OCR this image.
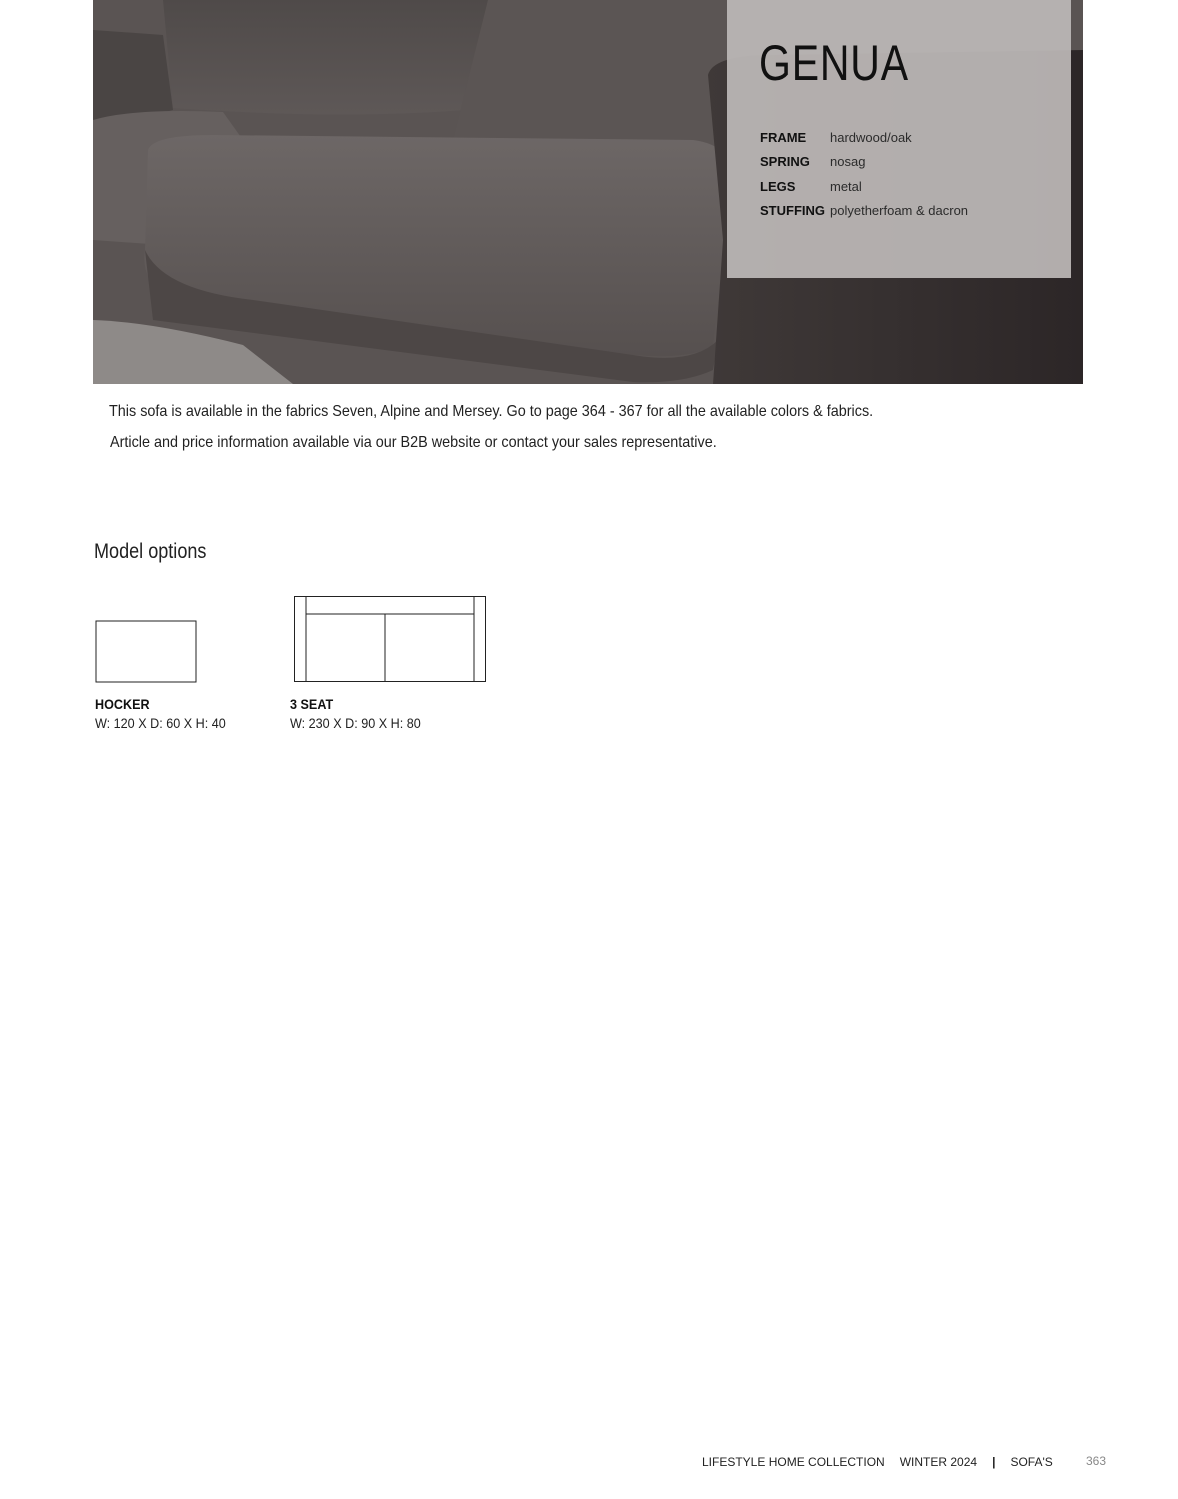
GENUA
FRAME	hardwood/oak
SPRING	nosag
LEGS	metal
STUFFING polyetherfoam & dacron

This sofa is available in the fabrics Seven, Alpine and Mersey. Go to page 364 - 367 for all the available colors & fabrics.

Article and price information available via our B2B website or contact your sales representative.

Model options
HOCKER
W: 120 X D: 60 X H: 40
3 SEAT
W: 230 X D: 90 X H: 80
LIFESTYLE HOME COLLECTION WINTER 2024 | SOFA'S	363
